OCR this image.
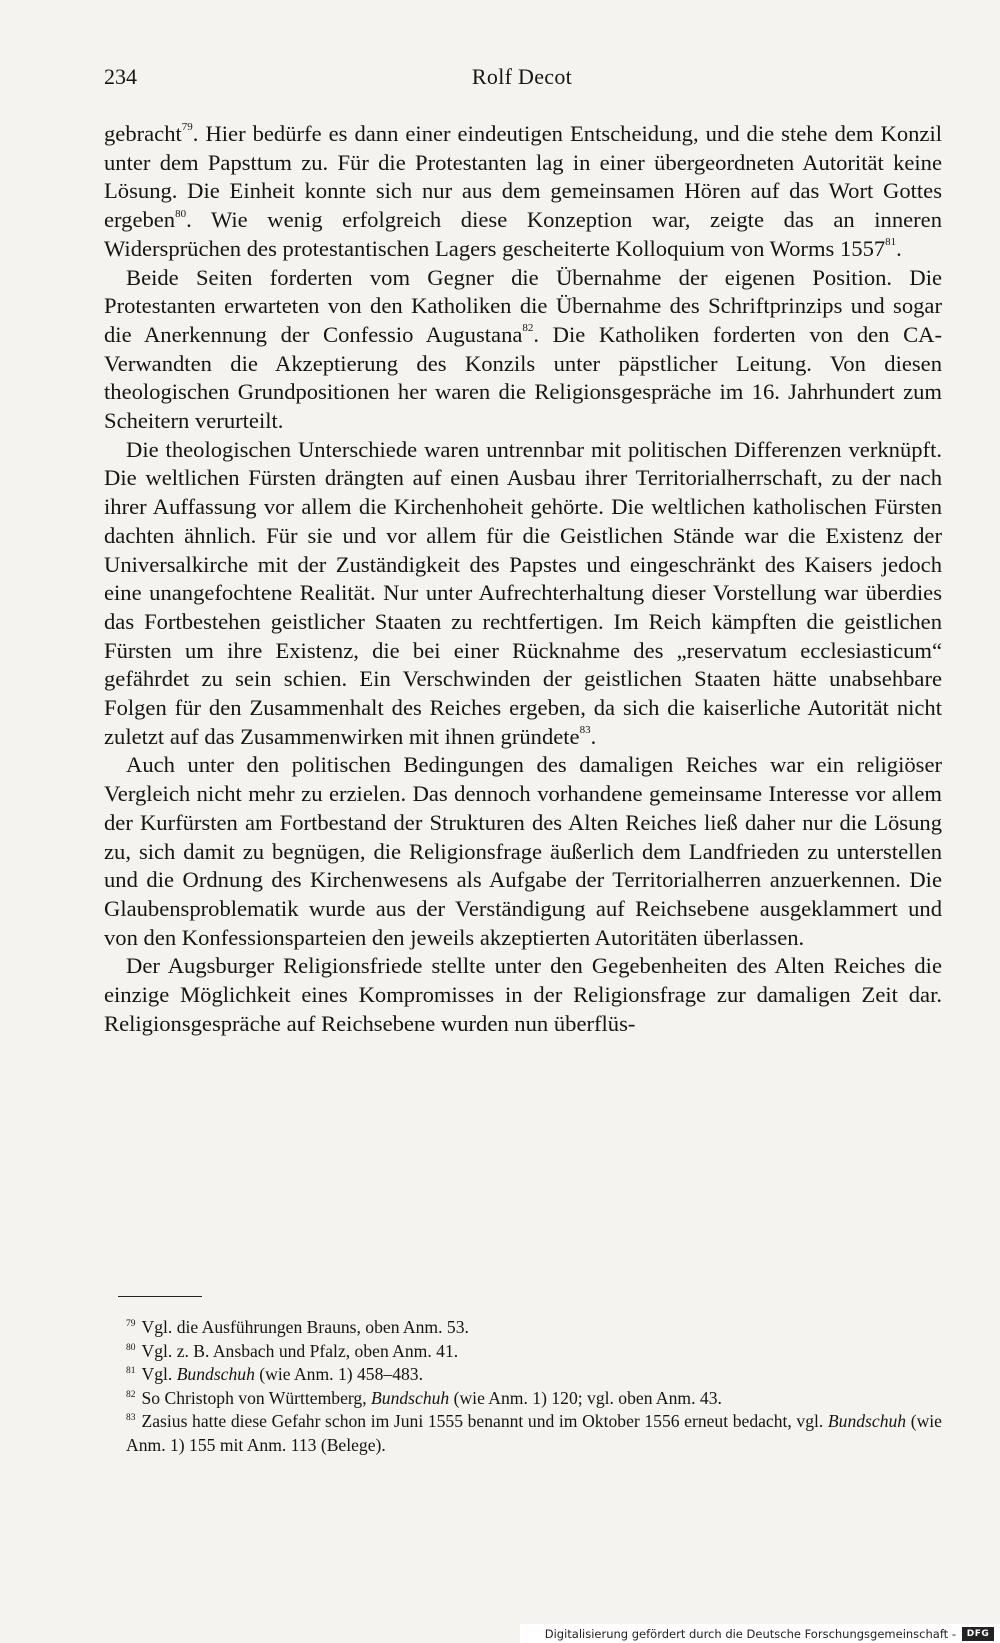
234	Rolf Decot

gebracht$^{79}$. Hier bedürfe es dann einer eindeutigen Entscheidung, und die stehe dem Konzil unter dem Papsttum zu. Für die Protestanten lag in einer übergeordneten Autorität keine Lösung. Die Einheit konnte sich nur aus dem gemeinsamen Hören auf das Wort Gottes ergeben$^{80}$. Wie wenig erfolgreich diese Konzeption war, zeigte das an inneren Widersprüchen des protestantischen Lagers gescheiterte Kolloquium von Worms 1557$^{81}$.

Beide Seiten forderten vom Gegner die Übernahme der eigenen Position. Die Protestanten erwarteten von den Katholiken die Übernahme des Schriftprinzips und sogar die Anerkennung der Confessio Augustana$^{82}$. Die Katholiken forderten von den CA-Verwandten die Akzeptierung des Konzils unter päpstlicher Leitung. Von diesen theologischen Grundpositionen her waren die Religionsgespräche im 16. Jahrhundert zum Scheitern verurteilt.

Die theologischen Unterschiede waren untrennbar mit politischen Differenzen verknüpft. Die weltlichen Fürsten drängten auf einen Ausbau ihrer Territorialherrschaft, zu der nach ihrer Auffassung vor allem die Kirchenhoheit gehörte. Die weltlichen katholischen Fürsten dachten ähnlich. Für sie und vor allem für die Geistlichen Stände war die Existenz der Universalkirche mit der Zuständigkeit des Papstes und eingeschränkt des Kaisers jedoch eine unangefochtene Realität. Nur unter Aufrechterhaltung dieser Vorstellung war überdies das Fortbestehen geistlicher Staaten zu rechtfertigen. Im Reich kämpften die geistlichen Fürsten um ihre Existenz, die bei einer Rücknahme des „reservatum ecclesiasticum“ gefährdet zu sein schien. Ein Verschwinden der geistlichen Staaten hätte unabsehbare Folgen für den Zusammenhalt des Reiches ergeben, da sich die kaiserliche Autorität nicht zuletzt auf das Zusammenwirken mit ihnen gründete$^{83}$.

Auch unter den politischen Bedingungen des damaligen Reiches war ein religiöser Vergleich nicht mehr zu erzielen. Das dennoch vorhandene gemeinsame Interesse vor allem der Kurfürsten am Fortbestand der Strukturen des Alten Reiches ließ daher nur die Lösung zu, sich damit zu begnügen, die Religionsfrage äußerlich dem Landfrieden zu unterstellen und die Ordnung des Kirchenwesens als Aufgabe der Territorialherren anzuerkennen. Die Glaubensproblematik wurde aus der Verständigung auf Reichsebene ausgeklammert und von den Konfessionsparteien den jeweils akzeptierten Autoritäten überlassen.

Der Augsburger Religionsfriede stellte unter den Gegebenheiten des Alten Reiches die einzige Möglichkeit eines Kompromisses in der Religionsfrage zur damaligen Zeit dar. Religionsgespräche auf Reichsebene wurden nun überflüs-

$^{79}$ Vgl. die Ausführungen Brauns, oben Anm. 53.

$^{80}$ Vgl. z. B. Ansbach und Pfalz, oben Anm. 41.

$^{81}$ Vgl. Bundschuh (wie Anm. 1) 458–483.

$^{82}$ So Christoph von Württemberg, Bundschuh (wie Anm. 1) 120; vgl. oben Anm. 43.

$^{83}$ Zasius hatte diese Gefahr schon im Juni 1555 benannt und im Oktober 1556 erneut bedacht, vgl. Bundschuh (wie Anm. 1) 155 mit Anm. 113 (Belege).

Digitalisierung gefördert durch die Deutsche Forschungsgemeinschaft -	DFG
